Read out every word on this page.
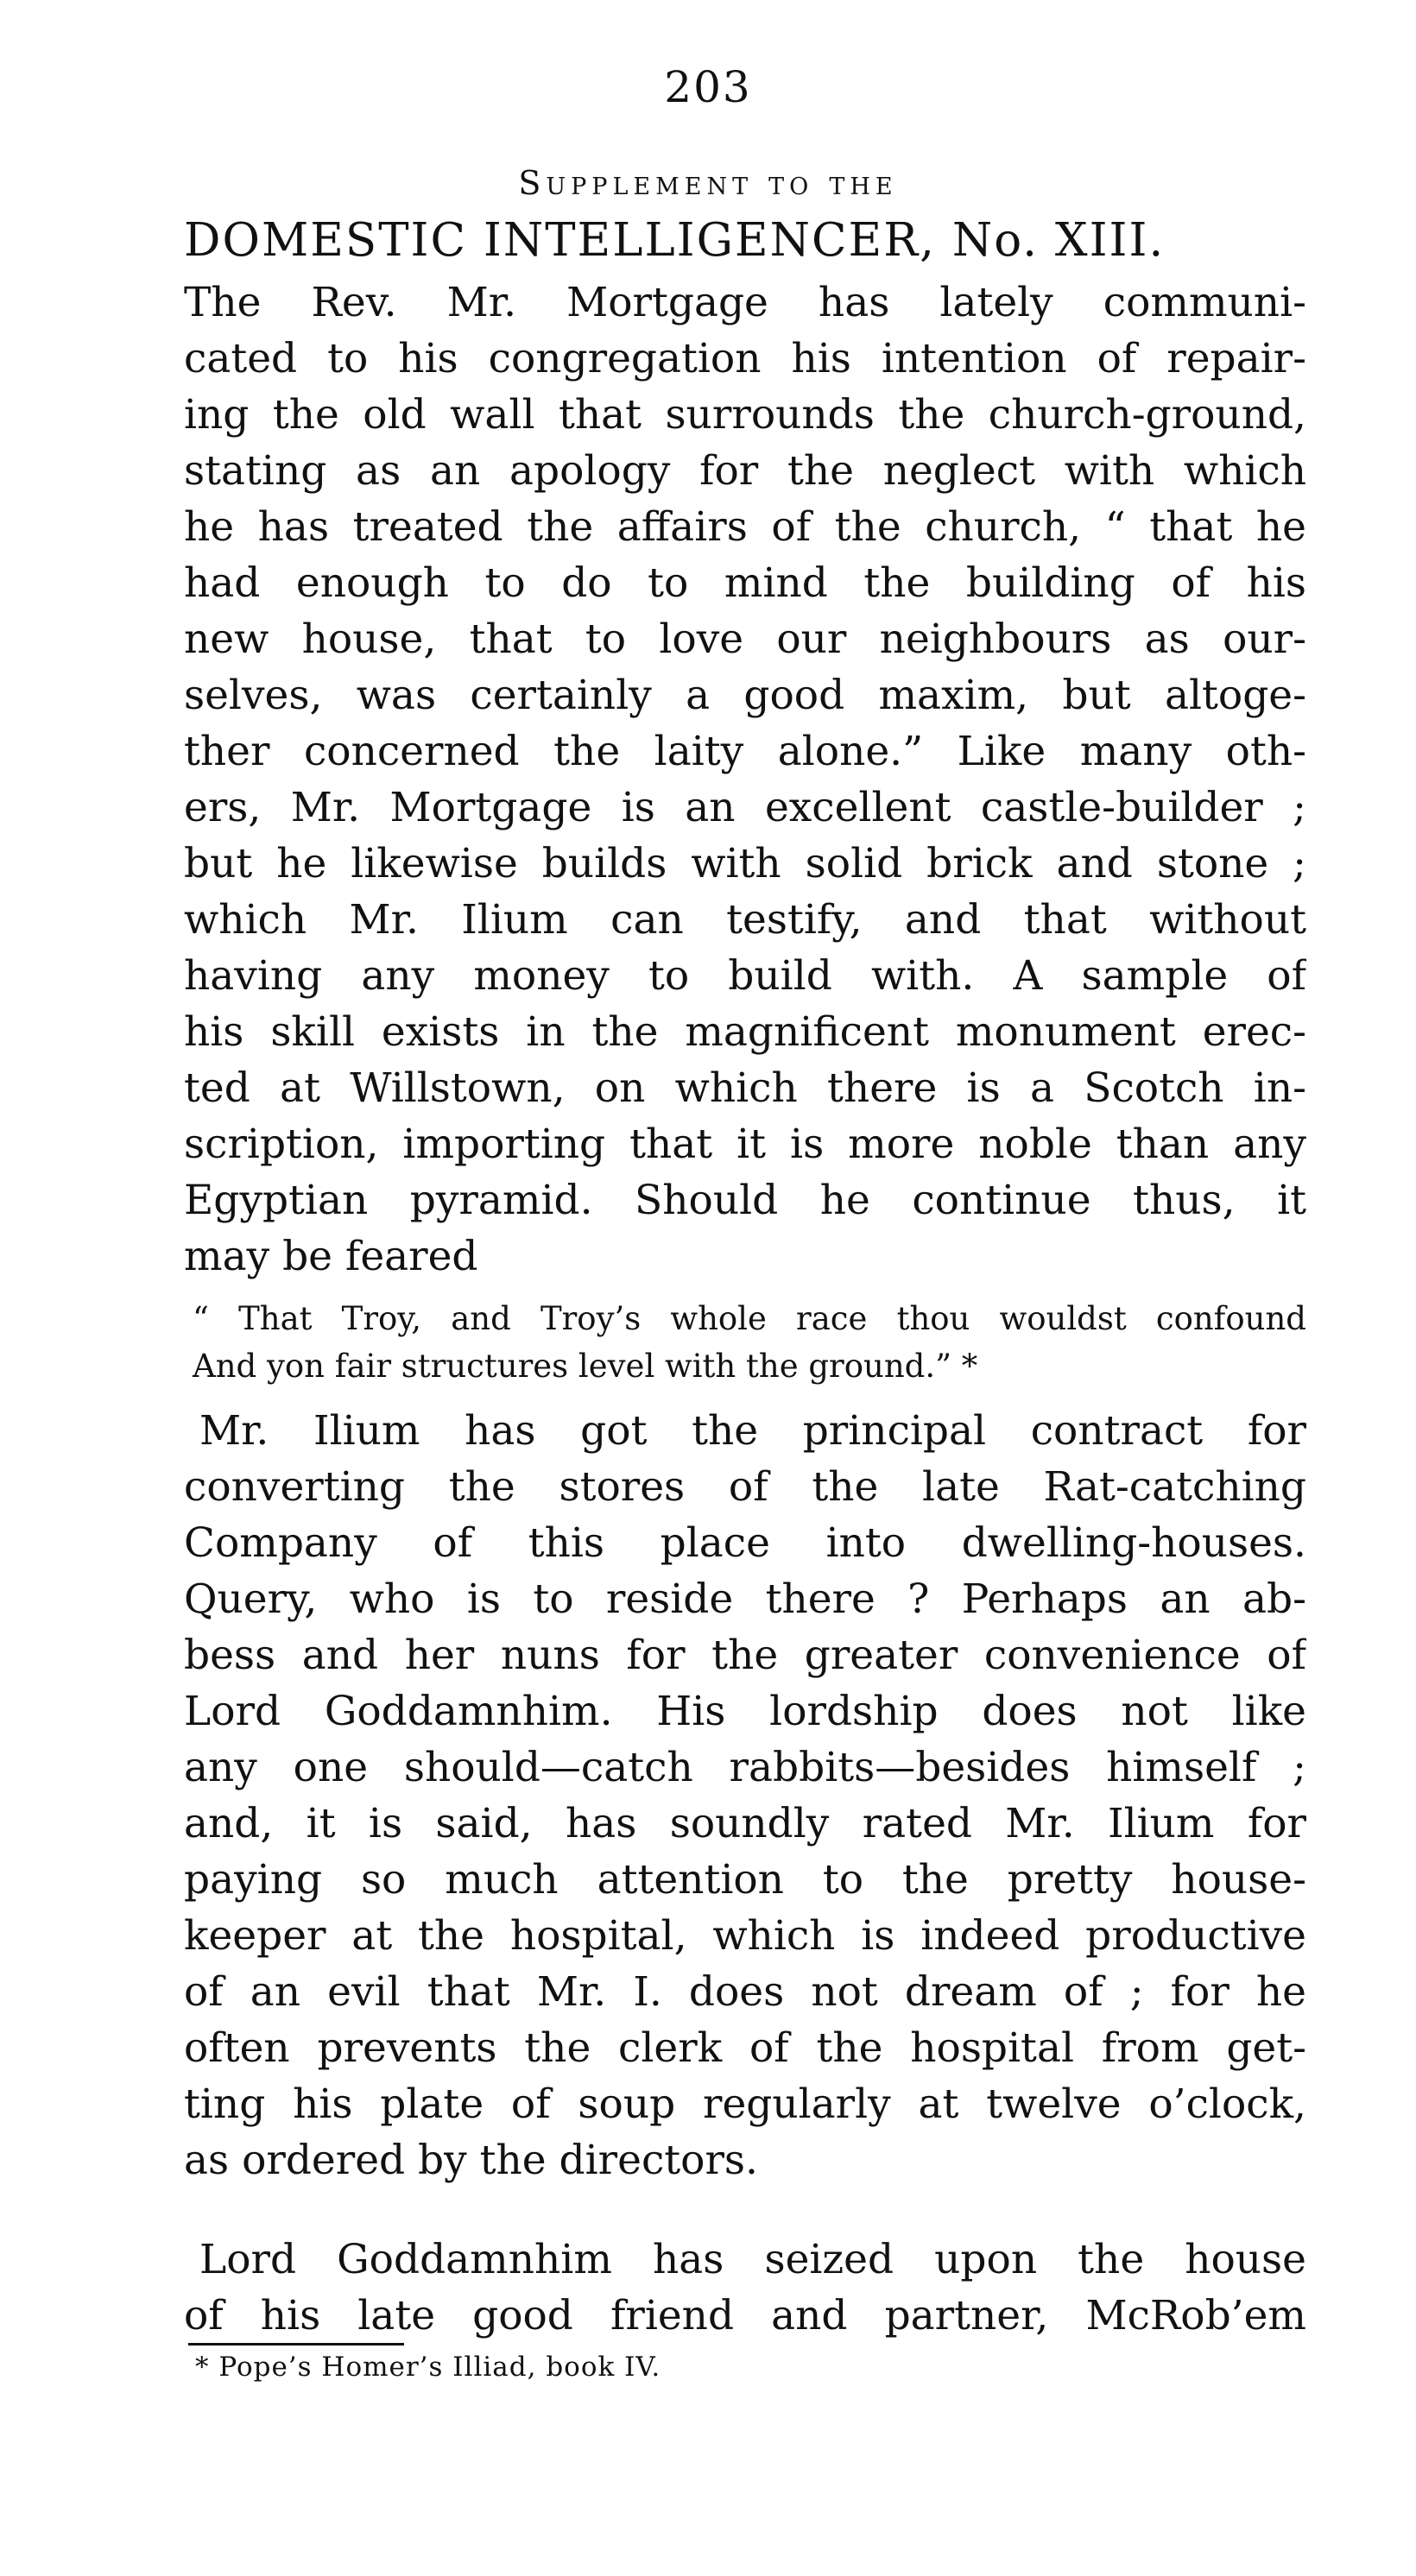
203
Supplement to the
DOMESTIC INTELLIGENCER, No. XIII.
The Rev. Mr. Mortgage has lately communi-
cated to his congregation his intention of repair-
ing the old wall that surrounds the church-ground,
stating as an apology for the neglect with which
he has treated the affairs of the church, “ that he
had enough to do to mind the building of his
new house, that to love our neighbours as our-
selves, was certainly a good maxim, but altoge-
ther concerned the laity alone.” Like many oth-
ers, Mr. Mortgage is an excellent castle-builder ;
but he likewise builds with solid brick and stone ;
which Mr. Ilium can testify, and that without
having any money to build with. A sample of
his skill exists in the magnificent monument erec-
ted at Willstown, on which there is a Scotch in-
scription, importing that it is more noble than any
Egyptian pyramid. Should he continue thus, it
may be feared
“ That Troy, and Troy’s whole race thou wouldst confound
And yon fair structures level with the ground.” *
Mr. Ilium has got the principal contract for
converting the stores of the late Rat-catching
Company of this place into dwelling-houses.
Query, who is to reside there ? Perhaps an ab-
bess and her nuns for the greater convenience of
Lord Goddamnhim. His lordship does not like
any one should—catch rabbits—besides himself ;
and, it is said, has soundly rated Mr. Ilium for
paying so much attention to the pretty house-
keeper at the hospital, which is indeed productive
of an evil that Mr. I. does not dream of ; for he
often prevents the clerk of the hospital from get-
ting his plate of soup regularly at twelve o’clock,
as ordered by the directors.
Lord Goddamnhim has seized upon the house
of his late good friend and partner, McRob’em
* Pope’s Homer’s Illiad, book IV.
